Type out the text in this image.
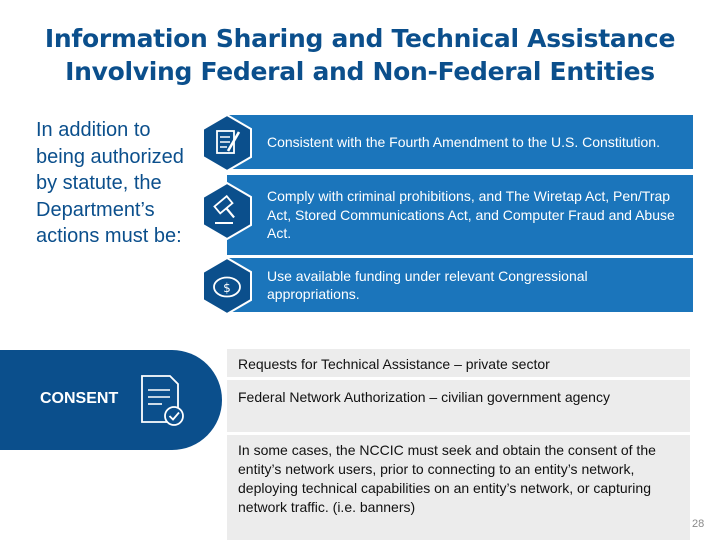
Information Sharing and Technical Assistance
Involving Federal and Non-Federal Entities
In addition to being authorized by statute, the Department’s actions must be:
Consistent with the Fourth Amendment to the U.S. Constitution.
Comply with criminal prohibitions, and The Wiretap Act, Pen/Trap Act, Stored Communications Act, and Computer Fraud and Abuse Act.
Use available funding under relevant Congressional appropriations.
$
CONSENT
Requests for Technical Assistance – private sector
Federal Network Authorization – civilian government agency
In some cases, the NCCIC must seek and obtain the consent of the entity’s network users, prior to connecting to an entity’s network, deploying technical capabilities on an entity’s network, or capturing network traffic. (i.e. banners)
28
